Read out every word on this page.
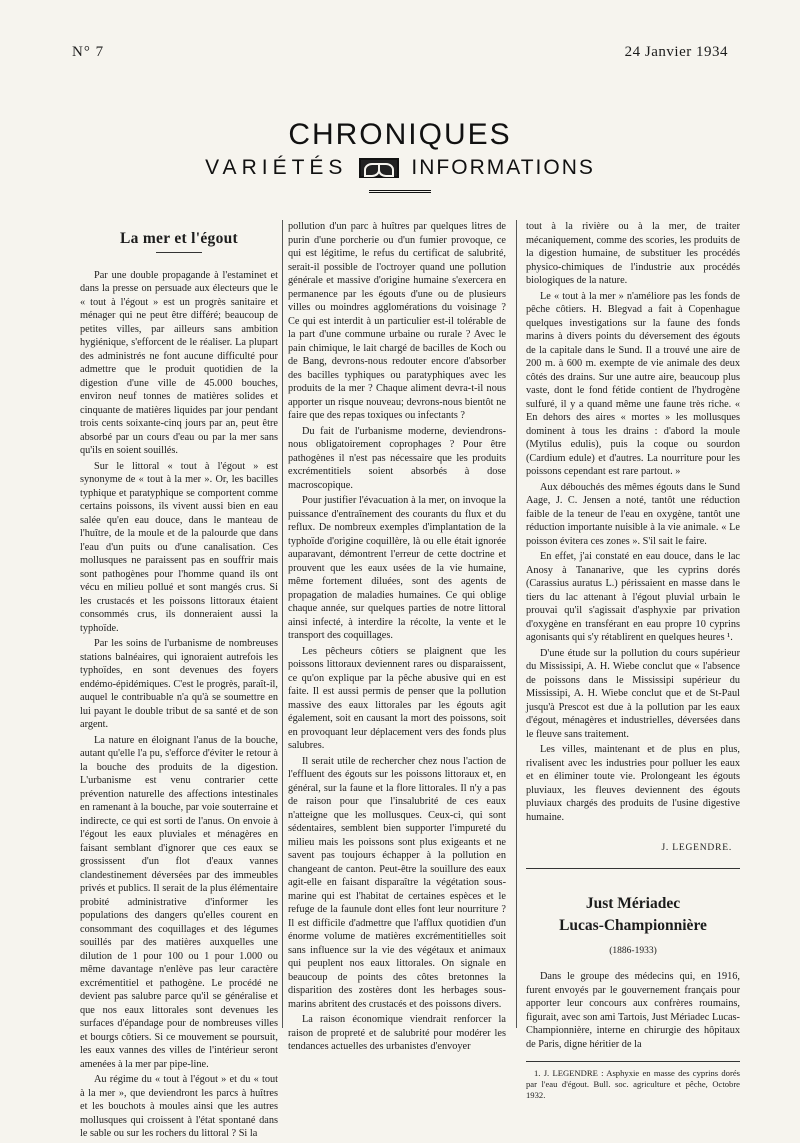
N° 7	24 Janvier 1934
CHRONIQUES
VARIÉTÉS	INFORMATIONS
La mer et l'égout

Par une double propagande à l'estaminet et dans la presse on persuade aux électeurs que le « tout à l'égout » est un progrès sanitaire et ménager qui ne peut être différé; beaucoup de petites villes, par ailleurs sans ambition hygiénique, s'efforcent de le réaliser. La plupart des administrés ne font aucune difficulté pour admettre que le produit quotidien de la digestion d'une ville de 45.000 bouches, environ neuf tonnes de matières solides et cinquante de matières liquides par jour pendant trois cents soixante-cinq jours par an, peut être absorbé par un cours d'eau ou par la mer sans qu'ils en soient souillés.

Sur le littoral « tout à l'égout » est synonyme de « tout à la mer ». Or, les bacilles typhique et paratyphique se comportent comme certains poissons, ils vivent aussi bien en eau salée qu'en eau douce, dans le manteau de l'huître, de la moule et de la palourde que dans l'eau d'un puits ou d'une canalisation. Ces mollusques ne paraissent pas en souffrir mais sont pathogènes pour l'homme quand ils ont vécu en milieu pollué et sont mangés crus. Si les crustacés et les poissons littoraux étaient consommés crus, ils donneraient aussi la typhoïde.

Par les soins de l'urbanisme de nombreuses stations balnéaires, qui ignoraient autrefois les typhoïdes, en sont devenues des foyers endémo-épidémiques. C'est le progrès, paraît-il, auquel le contribuable n'a qu'à se soumettre en lui payant le double tribut de sa santé et de son argent.

La nature en éloignant l'anus de la bouche, autant qu'elle l'a pu, s'efforce d'éviter le retour à la bouche des produits de la digestion. L'urbanisme est venu contrarier cette prévention naturelle des affections intestinales en ramenant à la bouche, par voie souterraine et indirecte, ce qui est sorti de l'anus. On envoie à l'égout les eaux pluviales et ménagères en faisant semblant d'ignorer que ces eaux se grossissent d'un flot d'eaux vannes clandestinement déversées par des immeubles privés et publics. Il serait de la plus élémentaire probité administrative d'informer les populations des dangers qu'elles courent en consommant des coquillages et des légumes souillés par des matières auxquelles une dilution de 1 pour 100 ou 1 pour 1.000 ou même davantage n'enlève pas leur caractère excrémentitiel et pathogène. Le procédé ne devient pas salubre parce qu'il se généralise et que nos eaux littorales sont devenues les surfaces d'épandage pour de nombreuses villes et bourgs côtiers. Si ce mouvement se poursuit, les eaux vannes des villes de l'intérieur seront amenées à la mer par pipe-line.

Au régime du « tout à l'égout » et du « tout à la mer », que deviendront les parcs à huîtres et les bouchots à moules ainsi que les autres mollusques qui croissent à l'état spontané dans le sable ou sur les rochers du littoral ? Si la

pollution d'un parc à huîtres par quelques litres de purin d'une porcherie ou d'un fumier provoque, ce qui est légitime, le refus du certificat de salubrité, serait-il possible de l'octroyer quand une pollution générale et massive d'origine humaine s'exercera en permanence par les égouts d'une ou de plusieurs villes ou moindres agglomérations du voisinage ? Ce qui est interdit à un particulier est-il tolérable de la part d'une commune urbaine ou rurale ? Avec le pain chimique, le lait chargé de bacilles de Koch ou de Bang, devrons-nous redouter encore d'absorber des bacilles typhiques ou paratyphiques avec les produits de la mer ? Chaque aliment devra-t-il nous apporter un risque nouveau; devrons-nous bientôt ne faire que des repas toxiques ou infectants ?

Du fait de l'urbanisme moderne, deviendrons-nous obligatoirement coprophages ? Pour être pathogènes il n'est pas nécessaire que les produits excrémentitiels soient absorbés à dose macroscopique.

Pour justifier l'évacuation à la mer, on invoque la puissance d'entraînement des courants du flux et du reflux. De nombreux exemples d'implantation de la typhoïde d'origine coquillère, là ou elle était ignorée auparavant, démontrent l'erreur de cette doctrine et prouvent que les eaux usées de la vie humaine, même fortement diluées, sont des agents de propagation de maladies humaines. Ce qui oblige chaque année, sur quelques parties de notre littoral ainsi infecté, à interdire la récolte, la vente et le transport des coquillages.

Les pêcheurs côtiers se plaignent que les poissons littoraux deviennent rares ou disparaissent, ce qu'on explique par la pêche abusive qui en est faite. Il est aussi permis de penser que la pollution massive des eaux littorales par les égouts agit également, soit en causant la mort des poissons, soit en provoquant leur déplacement vers des fonds plus salubres.

Il serait utile de rechercher chez nous l'action de l'effluent des égouts sur les poissons littoraux et, en général, sur la faune et la flore littorales. Il n'y a pas de raison pour que l'insalubrité de ces eaux n'atteigne que les mollusques. Ceux-ci, qui sont sédentaires, semblent bien supporter l'impureté du milieu mais les poissons sont plus exigeants et ne savent pas toujours échapper à la pollution en changeant de canton. Peut-être la souillure des eaux agit-elle en faisant disparaître la végétation sous-marine qui est l'habitat de certaines espèces et le refuge de la faunule dont elles font leur nourriture ? Il est difficile d'admettre que l'afflux quotidien d'un énorme volume de matières excrémentitielles soit sans influence sur la vie des végétaux et animaux qui peuplent nos eaux littorales. On signale en beaucoup de points des côtes bretonnes la disparition des zostères dont les herbages sous-marins abritent des crustacés et des poissons divers.

La raison économique viendrait renforcer la raison de propreté et de salubrité pour modérer les tendances actuelles des urbanistes d'envoyer

tout à la rivière ou à la mer, de traiter mécaniquement, comme des scories, les produits de la digestion humaine, de substituer les procédés physico-chimiques de l'industrie aux procédés biologiques de la nature.

Le « tout à la mer » n'améliore pas les fonds de pêche côtiers. H. Blegvad a fait à Copenhague quelques investigations sur la faune des fonds marins à divers points du déversement des égouts de la capitale dans le Sund. Il a trouvé une aire de 200 m. à 600 m. exempte de vie animale des deux côtés des drains. Sur une autre aire, beaucoup plus vaste, dont le fond fétide contient de l'hydrogène sulfuré, il y a quand même une faune très riche. « En dehors des aires « mortes » les mollusques dominent à tous les drains : d'abord la moule (Mytilus edulis), puis la coque ou sourdon (Cardium edule) et d'autres. La nourriture pour les poissons cependant est rare partout. »

Aux débouchés des mêmes égouts dans le Sund Aage, J. C. Jensen a noté, tantôt une réduction faible de la teneur de l'eau en oxygène, tantôt une réduction importante nuisible à la vie animale. « Le poisson évitera ces zones ». S'il sait le faire.

En effet, j'ai constaté en eau douce, dans le lac Anosy à Tananarive, que les cyprins dorés (Carassius auratus L.) périssaient en masse dans le tiers du lac attenant à l'égout pluvial urbain le prouvai qu'il s'agissait d'asphyxie par privation d'oxygène en transférant en eau propre 10 cyprins agonisants qui s'y rétablirent en quelques heures ¹.

D'une étude sur la pollution du cours supérieur du Mississipi, A. H. Wiebe conclut que « l'absence de poissons dans le Mississipi supérieur du Mississipi, A. H. Wiebe conclut que et de St-Paul jusqu'à Prescot est due à la pollution par les eaux d'égout, ménagères et industrielles, déversées dans le fleuve sans traitement.

Les villes, maintenant et de plus en plus, rivalisent avec les industries pour polluer les eaux et en éliminer toute vie. Prolongeant les égouts pluviaux, les fleuves deviennent des égouts pluviaux chargés des produits de l'usine digestive humaine.

J. LEGENDRE.
Just Mériadec
Lucas-Championnière
(1886-1933)

Dans le groupe des médecins qui, en 1916, furent envoyés par le gouvernement français pour apporter leur concours aux confrères roumains, figurait, avec son ami Tartois, Just Mériadec Lucas-Championnière, interne en chirurgie des hôpitaux de Paris, digne héritier de la

1. J. LEGENDRE : Asphyxie en masse des cyprins dorés par l'eau d'égout. Bull. soc. agriculture et pêche, Octobre 1932.
